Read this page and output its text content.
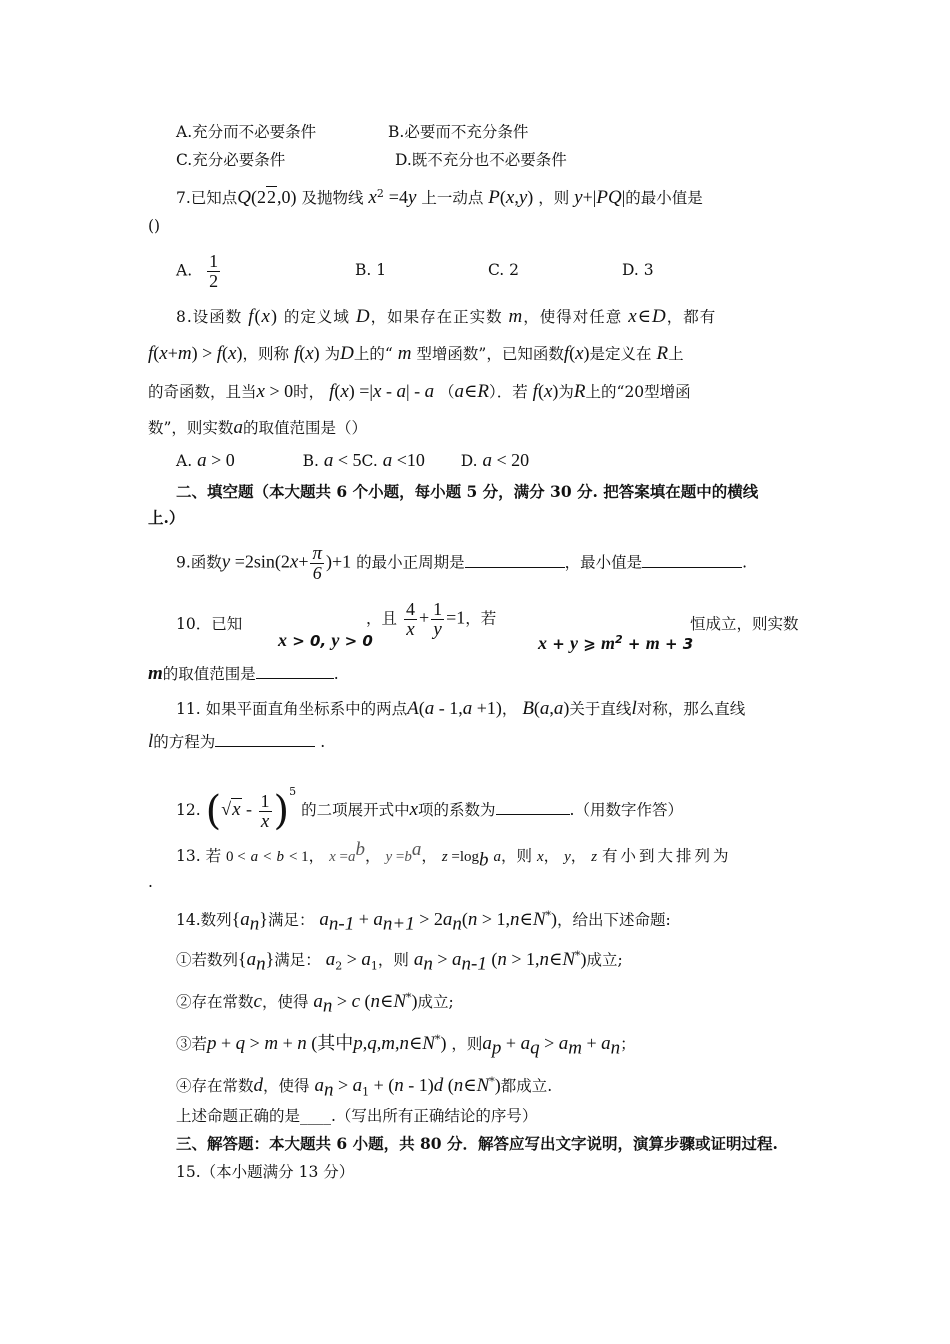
A.充分而不必要条件	B.必要而不充分条件
C.充分必要条件	D.既不充分也不必要条件
7.已知点Q(22,0) 及抛物线 $x^2 =4y$ 上一动点 P(x,y) ，则 y+|PQ|的最小值是
()
A. $\frac{1}{2}$	B. 1	C. 2	D. 3
8.设函数 f(x) 的定义域 D，如果存在正实数 m，使得对任意 x∈D，都有
f(x+m) > f(x)，则称 f(x) 为D上的“ m 型增函数”，已知函数f(x)是定义在 R上
的奇函数，且当x > 0时， f(x) =|x - a| - a （a∈R）．若 f(x)为R上的“20型增函
数”，则实数a的取值范围是（）
A. a > 0	B. a < 5C. a <10 D. a < 20
二、填空题（本大题共 6 个小题，每小题 5 分，满分 30 分. 把答案填在题中的横线
上.）
9.函数$y =2\sin(2x+ \frac{\pi}{6} )+1$ 的最小正周期是	，最小值是	.
10．已知
x > 0, y > 0
，且 $\frac{4}{x} + \frac{1}{y} =1$，若
x + y ⩾ $m^2 + m + 3$
恒成立，则实数
m的取值范围是	.
11. 如果平面直角坐标系中的两点A(a - 1,a +1)， B(a,a)关于直线l对称，那么直线
l的方程为	.
12. $(√x - \frac{1}{x} )^5$ 的二项展开式中x项的系数为	.（用数字作答）
13. 若 0 < a < b < 1， $x =a^b$， $y =b^a$， $z =\log_b$ a，则 x， y， z 有小到大排列为
.
14.数列$\{a_n\}$满足： $a_{n-1} + a_{n+1} > 2a_n(n$ > 1,n∈N*)，给出下述命题:
①若数列$\{a_n\}$满足： $a_2 > a_1$，则 $a_n > a_{n-1}$ (n > 1,n∈N*)成立;
②存在常数c，使得 $a_n > c$ (n∈N*)成立;
③若p + q > m + n (其中p,q,m,n∈N*) ，则$a_p + a_q > a_m + a_n$；
④存在常数d，使得 $a_n > a_1 + (n - 1)d$ (n∈N*)都成立.
上述命题正确的是____.（写出所有正确结论的序号）
三、解答题：本大题共 6 小题，共 80 分．解答应写出文字说明，演算步骤或证明过程.
15.（本小题满分 13 分）
